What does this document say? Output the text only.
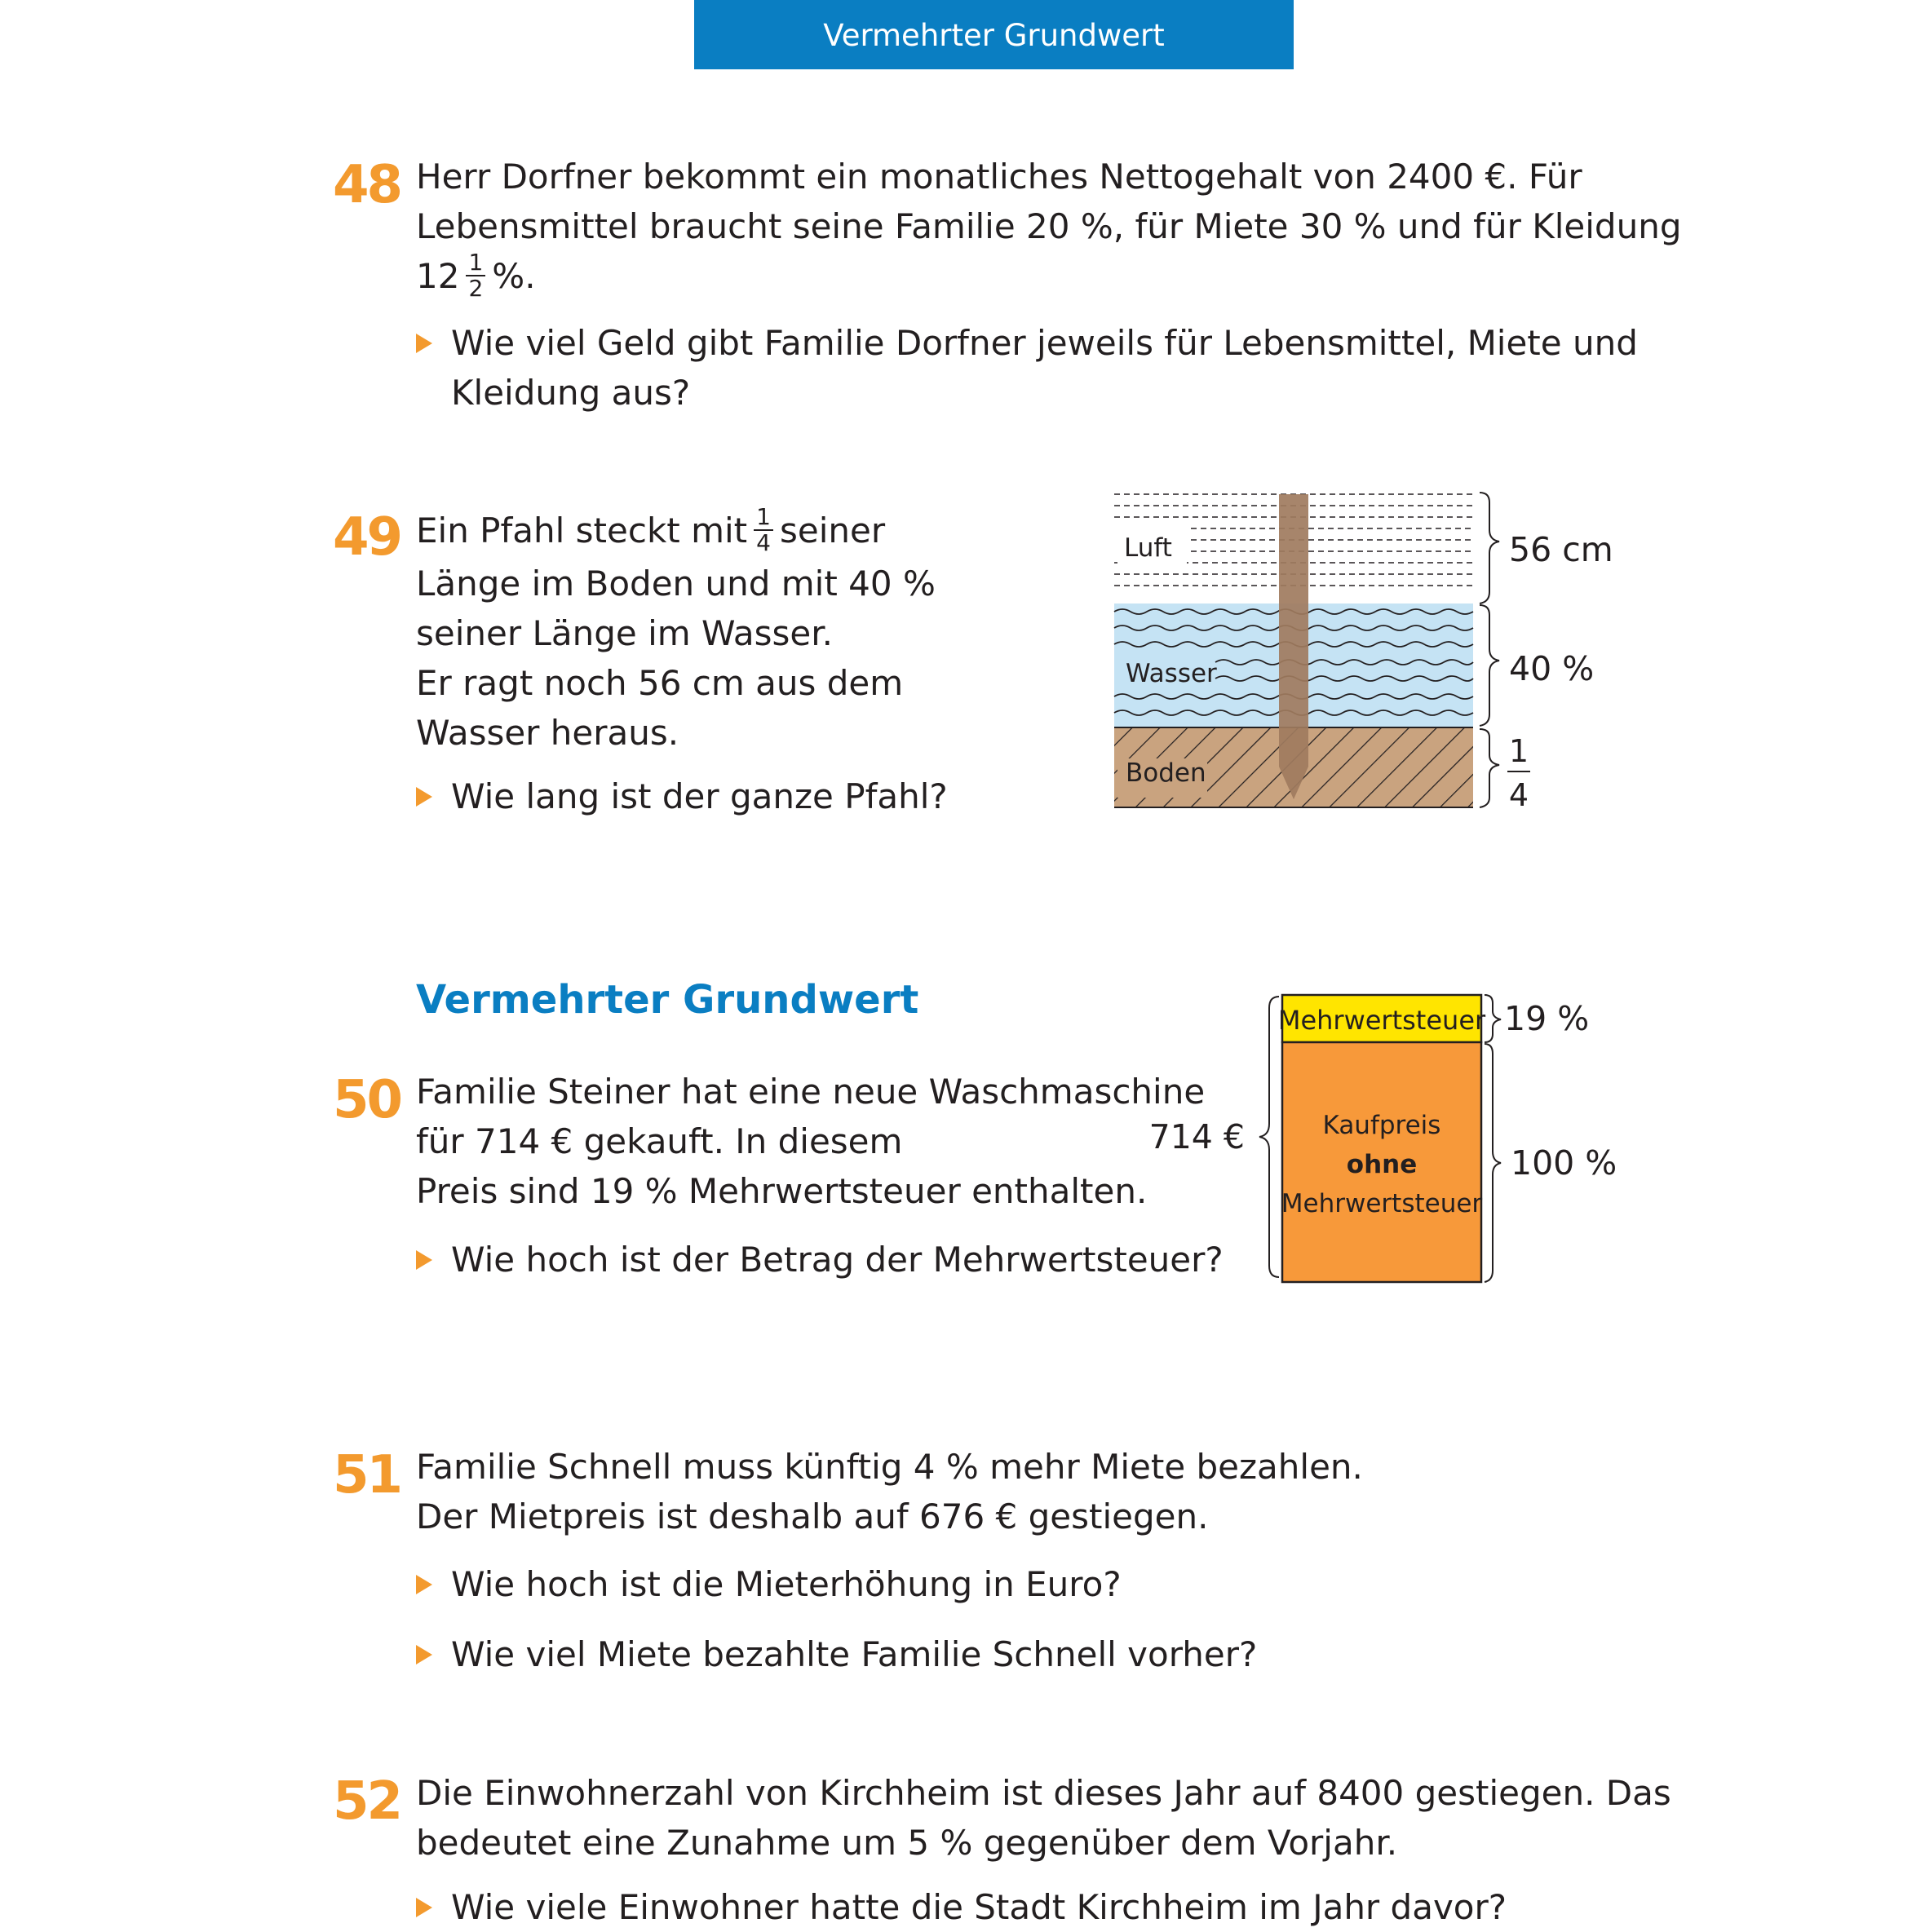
Vermehrter Grundwert
48 Herr Dorfner bekommt ein monatliches Nettogehalt von 2400 €. Für
Lebensmittel braucht seine Familie 20 %, für Miete 30 % und für Kleidung
$12 \frac{1}{2}$ %.
Wie viel Geld gibt Familie Dorfner jeweils für Lebensmittel, Miete und
Kleidung aus?
49 Ein Pfahl steckt mit $\frac{1}{4}$ seiner
Länge im Boden und mit 40 %
seiner Länge im Wasser.
Er ragt noch 56 cm aus dem
Wasser heraus.
Wie lang ist der ganze Pfahl?
Luft
Wasser
Boden
56 cm
40 %
1
4
Vermehrter Grundwert
50 Familie Steiner hat eine neue Waschmaschine
für 714 € gekauft. In diesem
Preis sind 19 % Mehrwertsteuer enthalten.
Wie hoch ist der Betrag der Mehrwertsteuer?
714 €
Mehrwertsteuer
Kaufpreis
ohne
Mehrwertsteuer
19 %
100 %
51 Familie Schnell muss künftig 4 % mehr Miete bezahlen.
Der Mietpreis ist deshalb auf 676 € gestiegen.
Wie hoch ist die Mieterhöhung in Euro?
Wie viel Miete bezahlte Familie Schnell vorher?
52 Die Einwohnerzahl von Kirchheim ist dieses Jahr auf 8400 gestiegen. Das
bedeutet eine Zunahme um 5 % gegenüber dem Vorjahr.
Wie viele Einwohner hatte die Stadt Kirchheim im Jahr davor?
